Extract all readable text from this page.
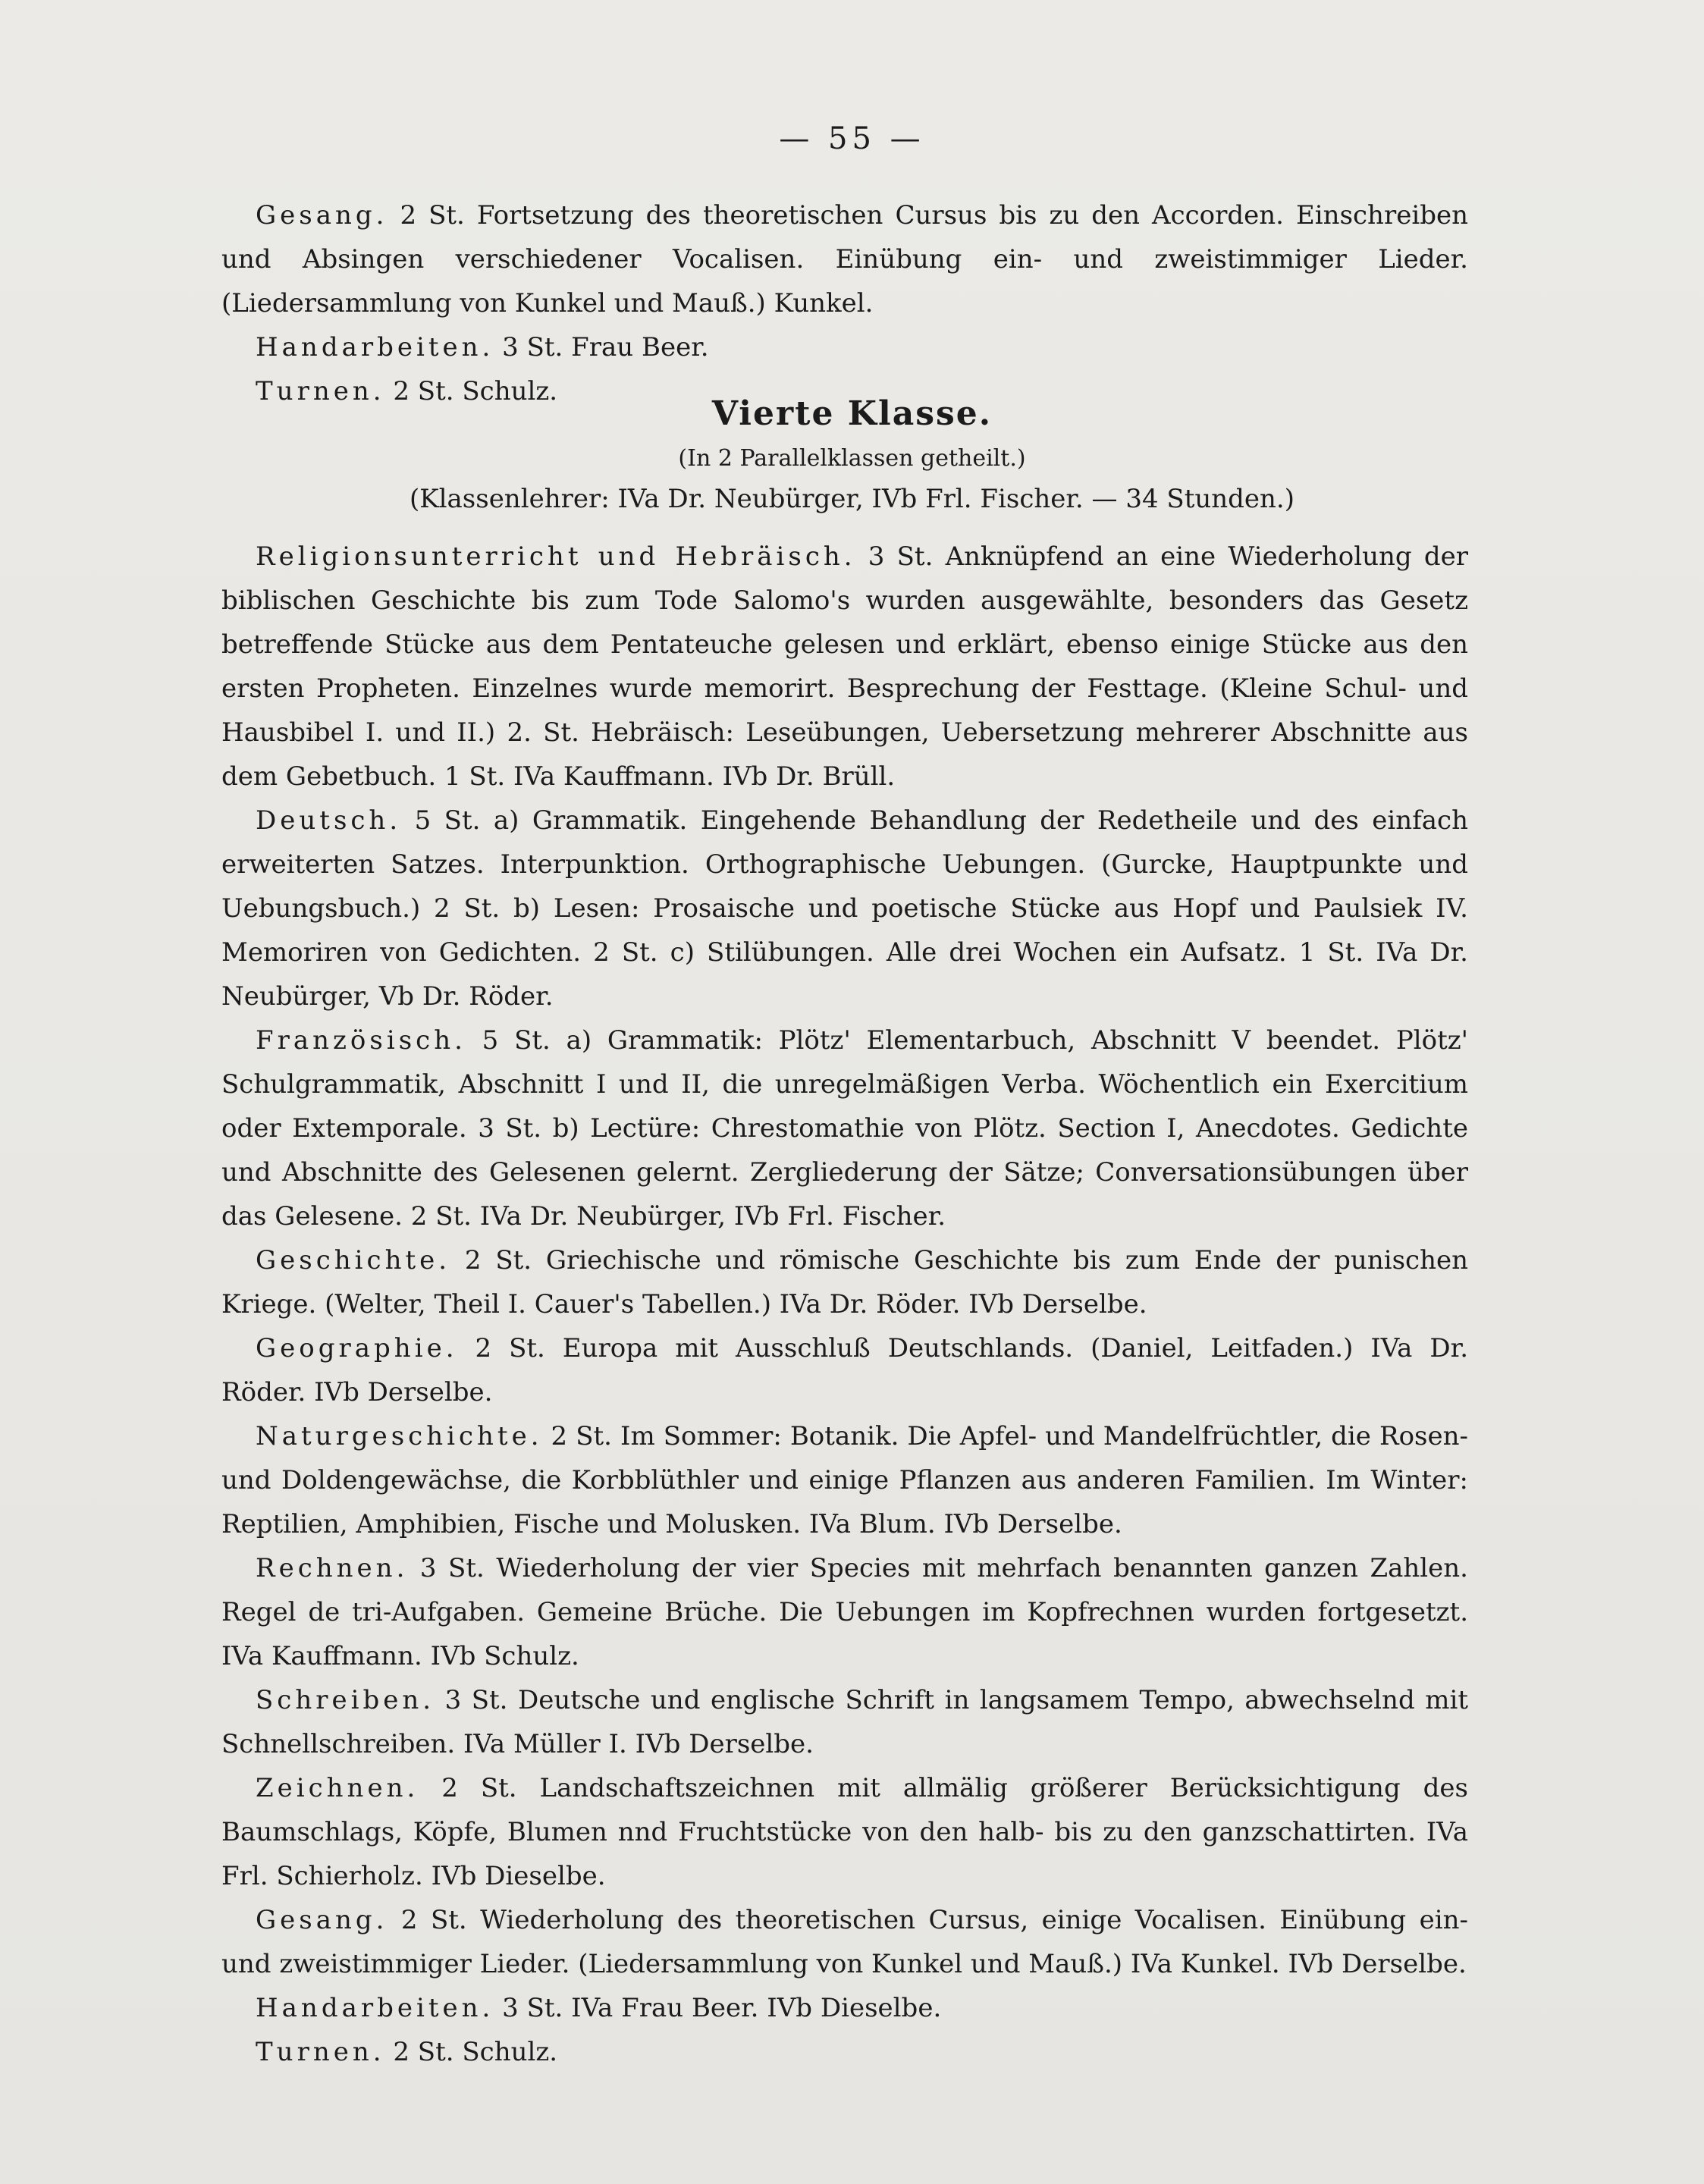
— 55 —

Gesang. 2 St. Fortsetzung des theoretischen Cursus bis zu den Accorden. Einschreiben und Absingen verschiedener Vocalisen. Einübung ein- und zweistimmiger Lieder. (Liedersammlung von Kunkel und Mauß.) Kunkel.

Handarbeiten. 3 St. Frau Beer.

Turnen. 2 St. Schulz.

Vierte Klasse.
(In 2 Parallelklassen getheilt.)
(Klassenlehrer: IVa Dr. Neubürger, IVb Frl. Fischer. — 34 Stunden.)

Religionsunterricht und Hebräisch. 3 St. Anknüpfend an eine Wiederholung der biblischen Geschichte bis zum Tode Salomo's wurden ausgewählte, besonders das Gesetz betreffende Stücke aus dem Pentateuche gelesen und erklärt, ebenso einige Stücke aus den ersten Propheten. Einzelnes wurde memorirt. Besprechung der Festtage. (Kleine Schul- und Hausbibel I. und II.) 2. St. Hebräisch: Leseübungen, Uebersetzung mehrerer Abschnitte aus dem Gebetbuch. 1 St. IVa Kauffmann. IVb Dr. Brüll.

Deutsch. 5 St. a) Grammatik. Eingehende Behandlung der Redetheile und des einfach erweiterten Satzes. Interpunktion. Orthographische Uebungen. (Gurcke, Hauptpunkte und Uebungsbuch.) 2 St. b) Lesen: Prosaische und poetische Stücke aus Hopf und Paulsiek IV. Memoriren von Gedichten. 2 St. c) Stilübungen. Alle drei Wochen ein Aufsatz. 1 St. IVa Dr. Neubürger, Vb Dr. Röder.

Französisch. 5 St. a) Grammatik: Plötz' Elementarbuch, Abschnitt V beendet. Plötz' Schulgrammatik, Abschnitt I und II, die unregelmäßigen Verba. Wöchentlich ein Exercitium oder Extemporale. 3 St. b) Lectüre: Chrestomathie von Plötz. Section I, Anecdotes. Gedichte und Abschnitte des Gelesenen gelernt. Zergliederung der Sätze; Conversationsübungen über das Gelesene. 2 St. IVa Dr. Neubürger, IVb Frl. Fischer.

Geschichte. 2 St. Griechische und römische Geschichte bis zum Ende der punischen Kriege. (Welter, Theil I. Cauer's Tabellen.) IVa Dr. Röder. IVb Derselbe.

Geographie. 2 St. Europa mit Ausschluß Deutschlands. (Daniel, Leitfaden.) IVa Dr. Röder. IVb Derselbe.

Naturgeschichte. 2 St. Im Sommer: Botanik. Die Apfel- und Mandelfrüchtler, die Rosen- und Doldengewächse, die Korbblüthler und einige Pflanzen aus anderen Familien. Im Winter: Reptilien, Amphibien, Fische und Molusken. IVa Blum. IVb Derselbe.

Rechnen. 3 St. Wiederholung der vier Species mit mehrfach benannten ganzen Zahlen. Regel de tri-Aufgaben. Gemeine Brüche. Die Uebungen im Kopfrechnen wurden fortgesetzt. IVa Kauffmann. IVb Schulz.

Schreiben. 3 St. Deutsche und englische Schrift in langsamem Tempo, abwechselnd mit Schnellschreiben. IVa Müller I. IVb Derselbe.

Zeichnen. 2 St. Landschaftszeichnen mit allmälig größerer Berücksichtigung des Baumschlags, Köpfe, Blumen nnd Fruchtstücke von den halb- bis zu den ganzschattirten. IVa Frl. Schierholz. IVb Dieselbe.

Gesang. 2 St. Wiederholung des theoretischen Cursus, einige Vocalisen. Einübung ein- und zweistimmiger Lieder. (Liedersammlung von Kunkel und Mauß.) IVa Kunkel. IVb Derselbe.

Handarbeiten. 3 St. IVa Frau Beer. IVb Dieselbe.

Turnen. 2 St. Schulz.
